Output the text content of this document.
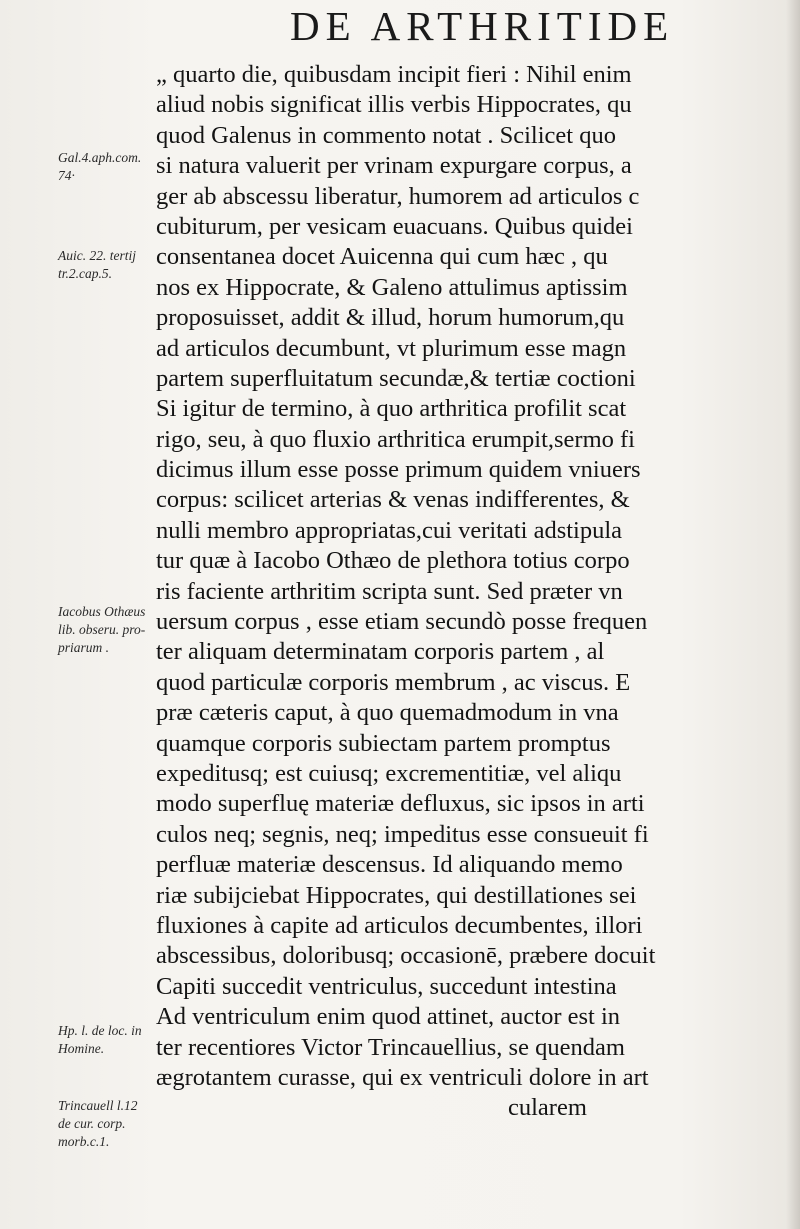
DE ARTHRITIDE
Gal.4.aph.com.
74·
Auic. 22. tertij
tr.2.cap.5.
Iacobus Othæus
lib. obseru. pro-
priarum .
Hp. l. de loc. in
Homine.
Trincauell l.12
de cur. corp.
morb.c.1.
„ quarto die, quibusdam incipit fieri : Nihil enim
aliud nobis significat illis verbis Hippocrates, qu
quod Galenus in commento notat . Scilicet quo
si natura valuerit per vrinam expurgare corpus, a
ger ab abscessu liberatur, humorem ad articulos c
cubiturum, per vesicam euacuans. Quibus quidei
consentanea docet Auicenna qui cum hæc , qu
nos ex Hippocrate, & Galeno attulimus aptissim
proposuisset, addit & illud, horum humorum,qu
ad articulos decumbunt, vt plurimum esse magn
partem superfluitatum secundæ,& tertiæ coctioni
Si igitur de termino, à quo arthritica profilit scat
rigo, seu, à quo fluxio arthritica erumpit,sermo fi
dicimus illum esse posse primum quidem vniuers
corpus: scilicet arterias & venas indifferentes, &
nulli membro appropriatas,cui veritati adstipula
tur quæ à Iacobo Othæo de plethora totius corpo
ris faciente arthritim scripta sunt. Sed præter vn
uersum corpus , esse etiam secundò posse frequen
ter aliquam determinatam corporis partem , al
quod particulæ corporis membrum , ac viscus. E
præ cæteris caput, à quo quemadmodum in vna
quamque corporis subiectam partem promptus
expeditusq; est cuiusq; excrementitiæ, vel aliqu
modo superfluę materiæ defluxus, sic ipsos in arti
culos neq; segnis, neq; impeditus esse consueuit fi
perfluæ materiæ descensus. Id aliquando memo
riæ subijciebat Hippocrates, qui destillationes sei
fluxiones à capite ad articulos decumbentes, illori
abscessibus, doloribusq; occasionē, præbere docuit
Capiti succedit ventriculus, succedunt intestina
Ad ventriculum enim quod attinet, auctor est in
ter recentiores Victor Trincauellius, se quendam
ægrotantem curasse, qui ex ventriculi dolore in art
cularem
